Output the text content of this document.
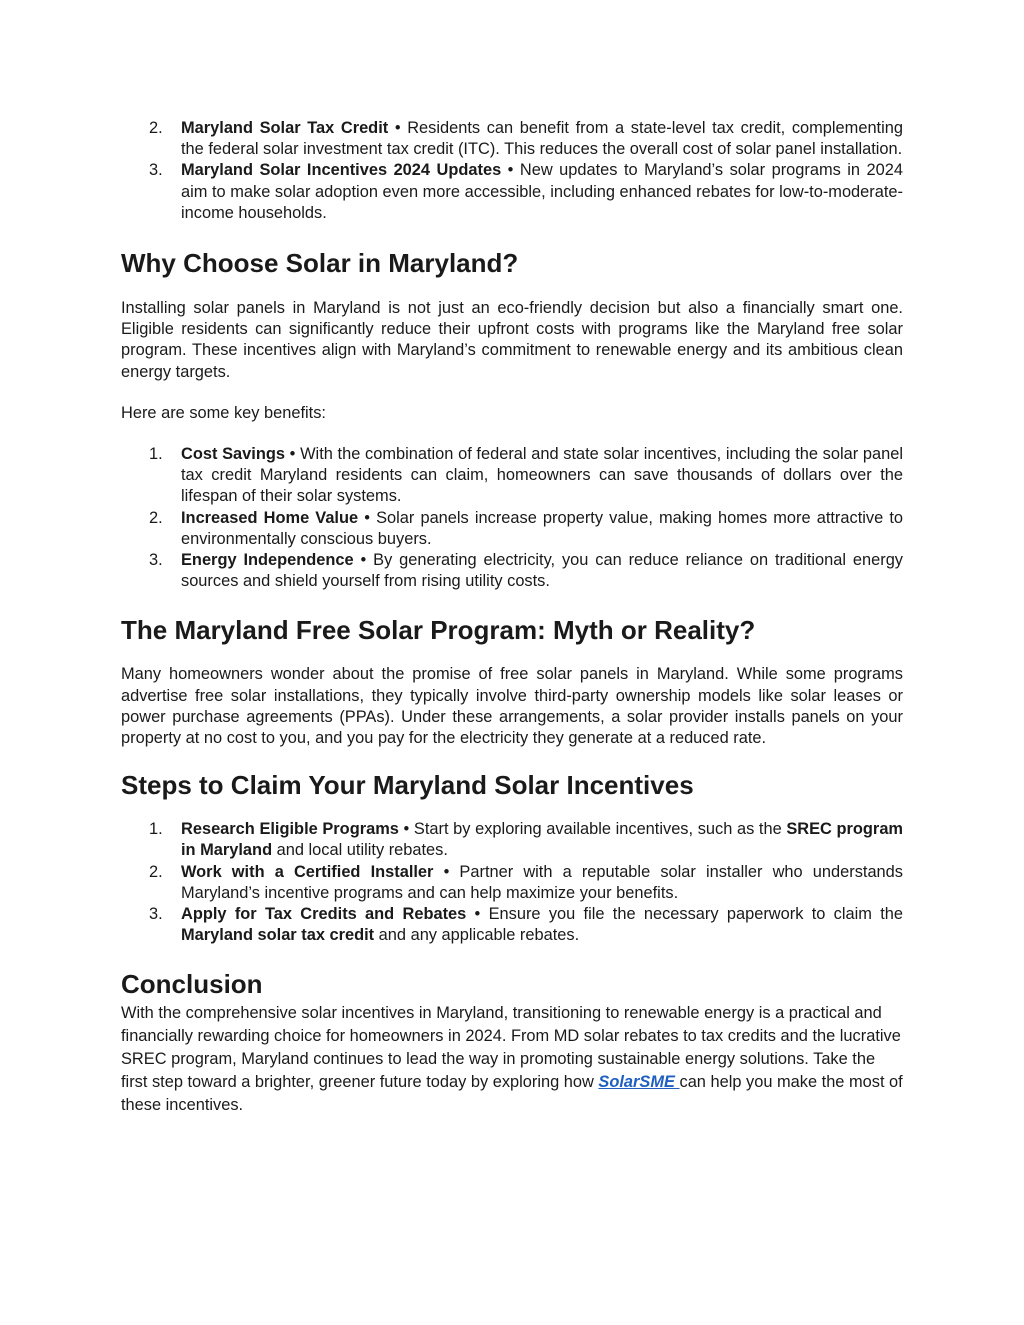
2. Maryland Solar Tax Credit • Residents can benefit from a state-level tax credit, complementing the federal solar investment tax credit (ITC). This reduces the overall cost of solar panel installation.
3. Maryland Solar Incentives 2024 Updates • New updates to Maryland’s solar programs in 2024 aim to make solar adoption even more accessible, including enhanced rebates for low-to-moderate-income households.
Why Choose Solar in Maryland?

Installing solar panels in Maryland is not just an eco-friendly decision but also a financially smart one. Eligible residents can significantly reduce their upfront costs with programs like the Maryland free solar program. These incentives align with Maryland’s commitment to renewable energy and its ambitious clean energy targets.

Here are some key benefits:

1. Cost Savings • With the combination of federal and state solar incentives, including the solar panel tax credit Maryland residents can claim, homeowners can save thousands of dollars over the lifespan of their solar systems.
2. Increased Home Value • Solar panels increase property value, making homes more attractive to environmentally conscious buyers.
3. Energy Independence • By generating electricity, you can reduce reliance on traditional energy sources and shield yourself from rising utility costs.
The Maryland Free Solar Program: Myth or Reality?

Many homeowners wonder about the promise of free solar panels in Maryland. While some programs advertise free solar installations, they typically involve third-party ownership models like solar leases or power purchase agreements (PPAs). Under these arrangements, a solar provider installs panels on your property at no cost to you, and you pay for the electricity they generate at a reduced rate.

Steps to Claim Your Maryland Solar Incentives
1. Research Eligible Programs • Start by exploring available incentives, such as the SREC program in Maryland and local utility rebates.
2. Work with a Certified Installer • Partner with a reputable solar installer who understands Maryland’s incentive programs and can help maximize your benefits.
3. Apply for Tax Credits and Rebates • Ensure you file the necessary paperwork to claim the Maryland solar tax credit and any applicable rebates.
Conclusion

With the comprehensive solar incentives in Maryland, transitioning to renewable energy is a practical and financially rewarding choice for homeowners in 2024. From MD solar rebates to tax credits and the lucrative SREC program, Maryland continues to lead the way in promoting sustainable energy solutions. Take the first step toward a brighter, greener future today by exploring how SolarSME can help you make the most of these incentives.
